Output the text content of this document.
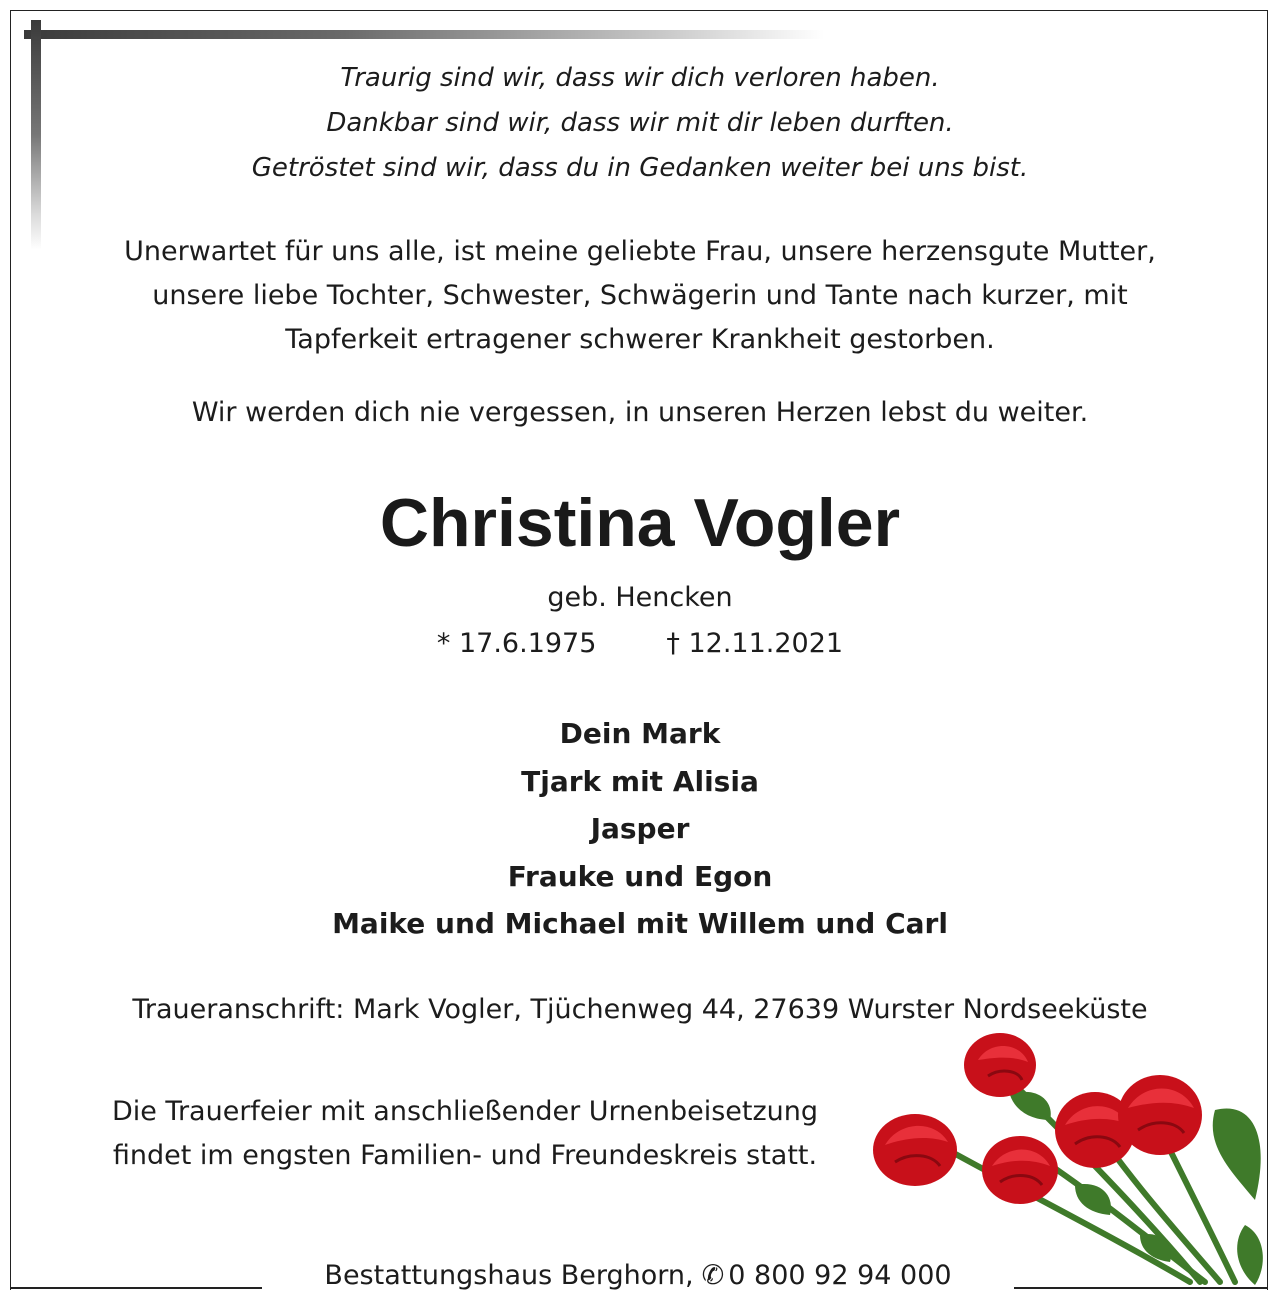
Traurig sind wir, dass wir dich verloren haben.
Dankbar sind wir, dass wir mit dir leben durften.
Getröstet sind wir, dass du in Gedanken weiter bei uns bist.
Unerwartet für uns alle, ist meine geliebte Frau, unsere herzensgute Mutter,
unsere liebe Tochter, Schwester, Schwägerin und Tante nach kurzer, mit
Tapferkeit ertragener schwerer Krankheit gestorben.
Wir werden dich nie vergessen, in unseren Herzen lebst du weiter.
Christina Vogler
geb. Hencken
* 17.6.1975	† 12.11.2021
Dein Mark
Tjark mit Alisia
Jasper
Frauke und Egon
Maike und Michael mit Willem und Carl
Traueranschrift: Mark Vogler, Tjüchenweg 44, 27639 Wurster Nordseeküste
Die Trauerfeier mit anschließender Urnenbeisetzung
findet im engsten Familien- und Freundeskreis statt.
Bestattungshaus Berghorn, ✆ 0 800 92 94 000
